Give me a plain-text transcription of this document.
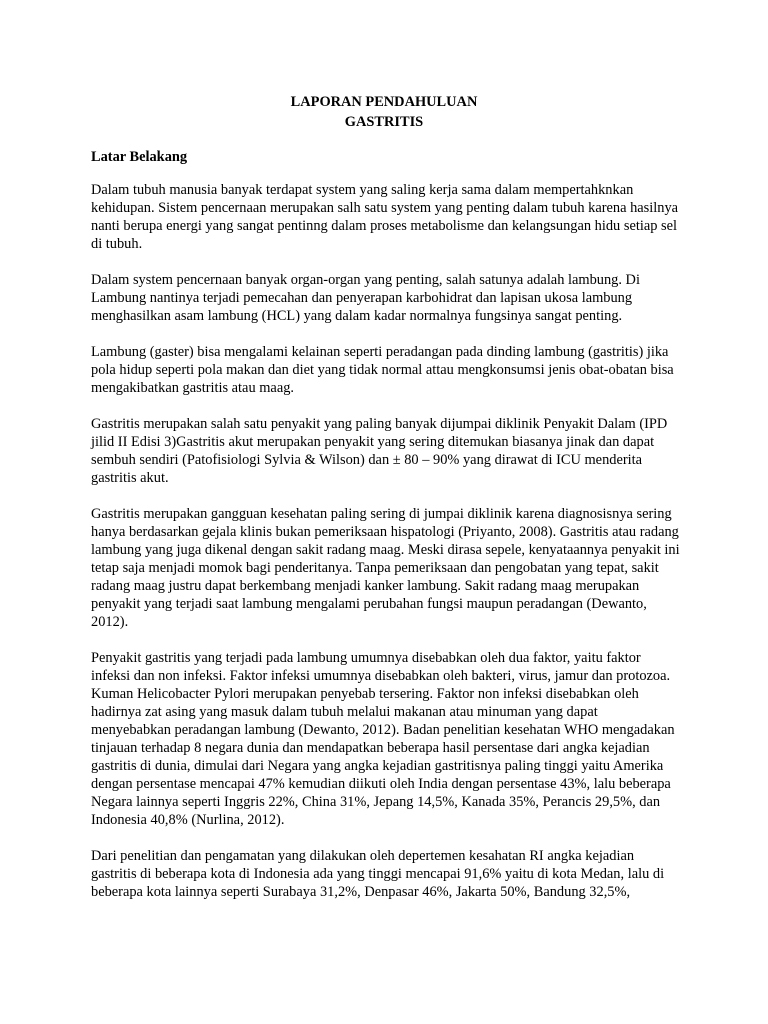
LAPORAN PENDAHULUAN
GASTRITIS
Latar Belakang

Dalam tubuh manusia banyak terdapat system yang saling kerja sama dalam mempertahknkan kehidupan. Sistem pencernaan merupakan salh satu system yang penting dalam tubuh karena hasilnya nanti berupa energi yang sangat pentinng dalam proses metabolisme dan kelangsungan hidu setiap sel di tubuh.

Dalam system pencernaan banyak organ-organ yang penting, salah satunya adalah lambung. Di Lambung nantinya terjadi pemecahan dan penyerapan karbohidrat dan lapisan ukosa lambung menghasilkan asam lambung (HCL) yang dalam kadar normalnya fungsinya sangat penting.

Lambung (gaster) bisa mengalami kelainan seperti peradangan pada dinding lambung (gastritis) jika pola hidup seperti pola makan dan diet yang tidak normal attau mengkonsumsi jenis obat-obatan bisa mengakibatkan gastritis atau maag.

Gastritis merupakan salah satu penyakit yang paling banyak dijumpai diklinik Penyakit Dalam (IPD jilid II Edisi 3)Gastritis akut merupakan penyakit yang sering ditemukan biasanya jinak dan dapat sembuh sendiri (Patofisiologi Sylvia & Wilson) dan ± 80 – 90% yang dirawat di ICU menderita gastritis akut.

Gastritis merupakan gangguan kesehatan paling sering di jumpai diklinik karena diagnosisnya sering hanya berdasarkan gejala klinis bukan pemeriksaan hispatologi (Priyanto, 2008). Gastritis atau radang lambung yang juga dikenal dengan sakit radang maag. Meski dirasa sepele, kenyataannya penyakit ini tetap saja menjadi momok bagi penderitanya. Tanpa pemeriksaan dan pengobatan yang tepat, sakit radang maag justru dapat berkembang menjadi kanker lambung. Sakit radang maag merupakan penyakit yang terjadi saat lambung mengalami perubahan fungsi maupun peradangan (Dewanto, 2012).

Penyakit gastritis yang terjadi pada lambung umumnya disebabkan oleh dua faktor, yaitu faktor infeksi dan non infeksi. Faktor infeksi umumnya disebabkan oleh bakteri, virus, jamur dan protozoa. Kuman Helicobacter Pylori merupakan penyebab tersering. Faktor non infeksi disebabkan oleh hadirnya zat asing yang masuk dalam tubuh melalui makanan atau minuman yang dapat menyebabkan peradangan lambung (Dewanto, 2012). Badan penelitian kesehatan WHO mengadakan tinjauan terhadap 8 negara dunia dan mendapatkan beberapa hasil persentase dari angka kejadian gastritis di dunia, dimulai dari Negara yang angka kejadian gastritisnya paling tinggi yaitu Amerika dengan persentase mencapai 47% kemudian diikuti oleh India dengan persentase 43%, lalu beberapa Negara lainnya seperti Inggris 22%, China 31%, Jepang 14,5%, Kanada 35%, Perancis 29,5%, dan Indonesia 40,8% (Nurlina, 2012).

Dari penelitian dan pengamatan yang dilakukan oleh depertemen kesahatan RI angka kejadian gastritis di beberapa kota di Indonesia ada yang tinggi mencapai 91,6% yaitu di kota Medan, lalu di beberapa kota lainnya seperti Surabaya 31,2%, Denpasar 46%, Jakarta 50%, Bandung 32,5%,
